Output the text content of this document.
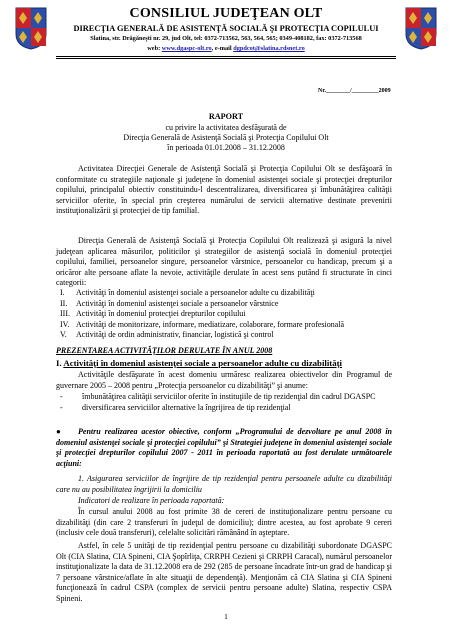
CONSILIUL JUDEŢEAN OLT
DIRECŢIA GENERALĂ DE ASISTENŢĂ SOCIALĂ ŞI PROTECŢIA COPILULUI
Slatina, str. Drăgăneşti nr. 29, jud Olt, tel: 0372-713562, 563, 564, 565; 0349-408182, fax: 0372-713568
web: www.dgaspc-olt.ro, e-mail dgpdcot@slatina.rdsnet.ro
Nr.________/_________2009
RAPORT
cu privire la activitatea desfăşurată de
Direcţia Generală de Asistenţă Socială şi Protecţia Copilului Olt
în perioada 01.01.2008 – 31.12.2008
Activitatea Direcţiei Generale de Asistenţă Socială şi Protecţia Copilului Olt se desfăşoară în conformitate cu strategiile naţionale şi judeţene în domeniul asistenţei sociale şi protecţiei drepturilor copilului, principalul obiectiv constituindu-l descentralizarea, diversificarea şi îmbunătăţirea calităţii serviciilor oferite, în special prin creşterea numărului de servicii alternative destinate prevenirii instituţionalizării şi protecţiei de tip familial.
Direcţia Generală de Asistenţă Socială şi Protecţia Copilului Olt realizează şi asigură la nivel judeţean aplicarea măsurilor, politicilor şi strategiilor de asistenţă socială în domeniul protecţiei copilului, familiei, persoanelor singure, persoanelor vârstnice, persoanelor cu handicap, precum şi a oricăror alte persoane aflate la nevoie, activităţile derulate în acest sens putând fi structurate în cinci categorii:
I. Activităţi în domeniul asistenţei sociale a persoanelor adulte cu dizabilităţi
II. Activităţi în domeniul asistenţei sociale a persoanelor vârstnice
III. Activităţi în domeniul protecţiei drepturilor copilului
IV. Activităţi de monitorizare, informare, mediatizare, colaborare, formare profesională
V. Activităţi de ordin administrativ, financiar, logistică şi control
PREZENTAREA ACTIVITĂŢILOR DERULATE ÎN ANUL 2008
I. Activităţi în domeniul asistenţei sociale a persoanelor adulte cu dizabilităţi
Activităţile desfăşurate în acest domeniu urmăresc realizarea obiectivelor din Programul de guvernare 2005 – 2008 pentru „Protecţia persoanelor cu dizabilităţi” şi anume:
-	îmbunătăţirea calităţii serviciilor oferite în instituţiile de tip rezidenţial din cadrul DGASPC
-	diversificarea serviciilor alternative la îngrijirea de tip rezidenţial
● Pentru realizarea acestor obiective, conform „Programului de dezvoltare pe anul 2008 în domeniul asistenţei sociale şi protecţiei copilului” şi Strategiei judeţene în domeniul asistenţei sociale şi protecţiei drepturilor copilului 2007 - 2011 în perioada raportată au fost derulate următoarele acţiuni:
1. Asigurarea serviciilor de îngrijire de tip rezidenţial pentru persoanele adulte cu dizabilităţi care nu au posibilitatea îngrijirii la domiciliu
Indicatori de realizare în perioada raportată:
În cursul anului 2008 au fost primite 38 de cereri de instituţionalizare pentru persoane cu dizabilităţi (din care 2 transferuri în judeţul de domiciliu); dintre acestea, au fost aprobate 9 cereri (inclusiv cele două transferuri), celelalte solicitări rămânând în aşteptare.
Astfel, în cele 5 unităţi de tip rezidenţial pentru persoane cu dizabilităţi subordonate DGASPC Olt (CIA Slatina, CIA Spineni, CIA Şopîrliţa, CRRPH Cezieni şi CRRPH Caracal), numărul persoanelor instituţionalizate la data de 31.12.2008 era de 292 (285 de persoane încadrate într-un grad de handicap şi 7 persoane vârstnice/aflate în alte situaţii de dependenţă). Menţionăm că CIA Slatina şi CIA Spineni funcţionează în cadrul CSPA (complex de servicii pentru persoane adulte) Slatina, respectiv CSPA Spineni.
1
